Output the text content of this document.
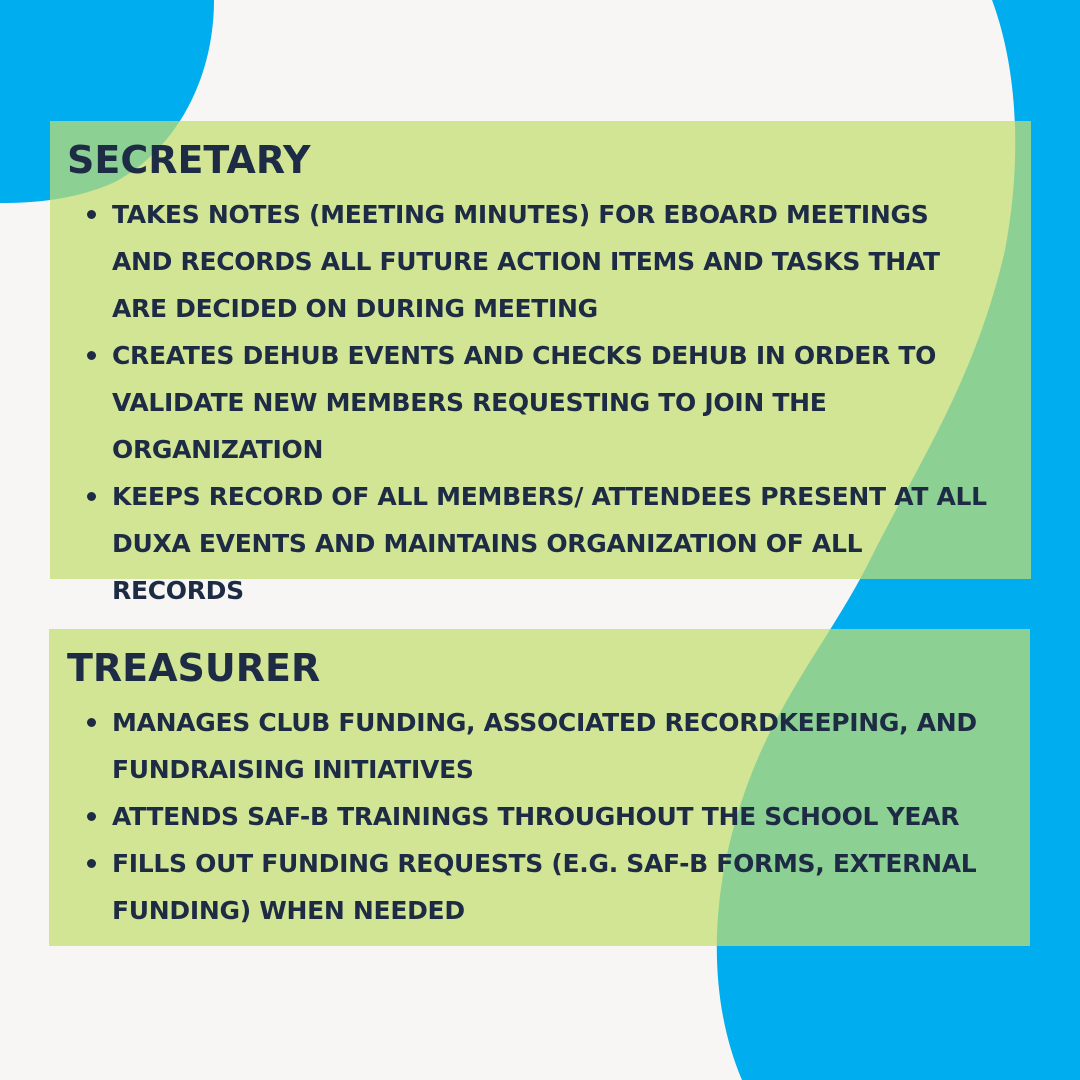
SECRETARY
TAKES NOTES (MEETING MINUTES) FOR EBOARD MEETINGS AND RECORDS ALL FUTURE ACTION ITEMS AND TASKS THAT ARE DECIDED ON DURING MEETING
CREATES DEHUB EVENTS AND CHECKS DEHUB IN ORDER TO VALIDATE NEW MEMBERS REQUESTING TO JOIN THE ORGANIZATION
KEEPS RECORD OF ALL MEMBERS/ ATTENDEES PRESENT AT ALL DUXA EVENTS AND MAINTAINS ORGANIZATION OF ALL RECORDS
TREASURER
MANAGES CLUB FUNDING, ASSOCIATED RECORDKEEPING, AND FUNDRAISING INITIATIVES
ATTENDS SAF-B TRAININGS THROUGHOUT THE SCHOOL YEAR
FILLS OUT FUNDING REQUESTS (E.G. SAF-B FORMS, EXTERNAL FUNDING) WHEN NEEDED
